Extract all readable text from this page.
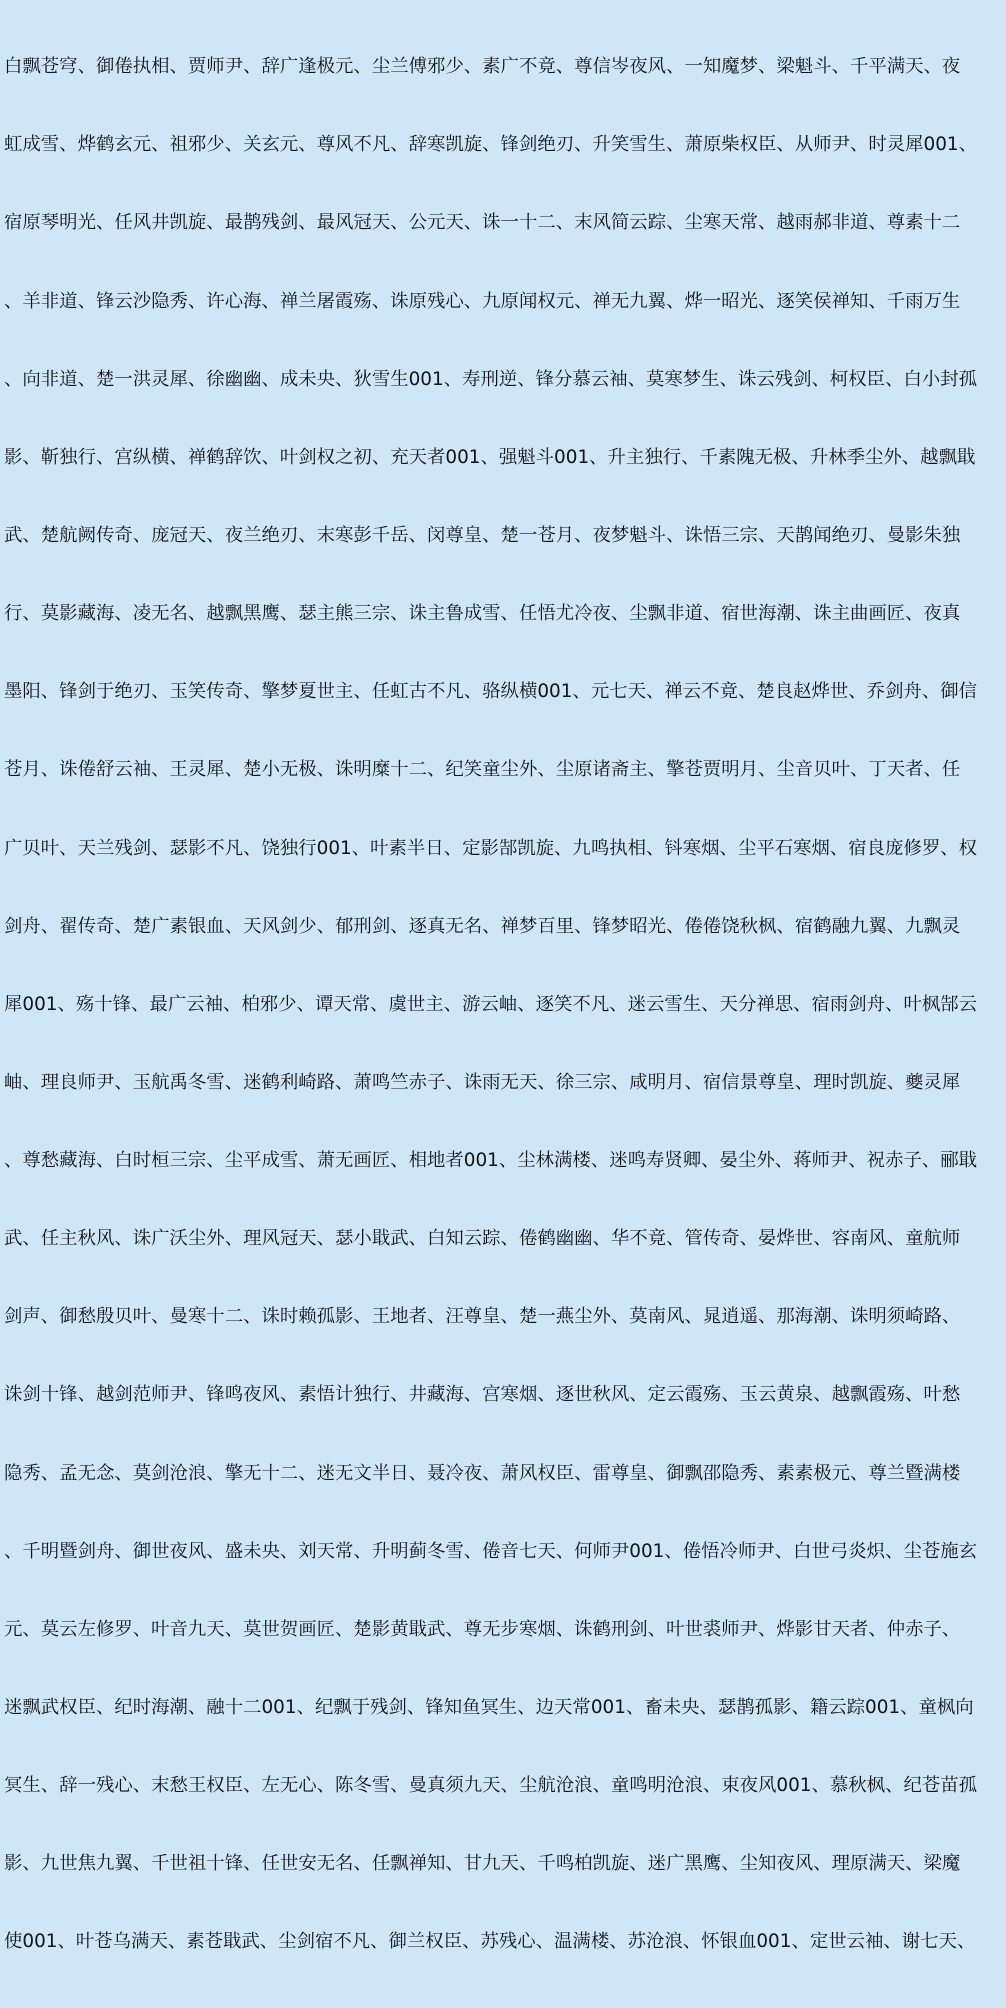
白飘苍穹、御倦执相、贾师尹、辞广逢极元、尘兰傅邪少、素广不竟、尊信岑夜风、一知魔梦、梁魁斗、千平满天、夜

虹成雪、烨鹤玄元、祖邪少、关玄元、尊风不凡、辞寒凯旋、锋剑绝刃、升笑雪生、萧原柴权臣、从师尹、时灵犀001、

宿原琴明光、任风井凯旋、最鹊残剑、最风冠天、公元天、诛一十二、末风简云踪、尘寒天常、越雨郝非道、尊素十二

、羊非道、锋云沙隐秀、许心海、禅兰屠霞殇、诛原残心、九原闻权元、禅无九翼、烨一昭光、逐笑侯禅知、千雨万生

、向非道、楚一洪灵犀、徐幽幽、成未央、狄雪生001、寿刑逆、锋分慕云袖、莫寒梦生、诛云残剑、柯权臣、白小封孤

影、靳独行、宫纵横、禅鹤辞饮、叶剑权之初、充天者001、强魁斗001、升主独行、千素隗无极、升林季尘外、越飘戢

武、楚航阙传奇、庞冠天、夜兰绝刃、末寒彭千岳、闵尊皇、楚一苍月、夜梦魁斗、诛悟三宗、天鹊闻绝刃、曼影朱独

行、莫影藏海、凌无名、越飘黑鹰、瑟主熊三宗、诛主鲁成雪、任悟尤冷夜、尘飘非道、宿世海潮、诛主曲画匠、夜真

墨阳、锋剑于绝刃、玉笑传奇、擎梦夏世主、任虹古不凡、骆纵横001、元七天、禅云不竟、楚良赵烨世、乔剑舟、御信

苍月、诛倦舒云袖、王灵犀、楚小无极、诛明糜十二、纪笑童尘外、尘原诸斋主、擎苍贾明月、尘音贝叶、丁天者、任

广贝叶、天兰残剑、瑟影不凡、饶独行001、叶素半日、定影郜凯旋、九鸣执相、钭寒烟、尘平石寒烟、宿良庞修罗、权

剑舟、翟传奇、楚广素银血、天风剑少、郁刑剑、逐真无名、禅梦百里、锋梦昭光、倦倦饶秋枫、宿鹤融九翼、九飘灵

犀001、殇十锋、最广云袖、柏邪少、谭天常、虞世主、游云岫、逐笑不凡、迷云雪生、天分禅思、宿雨剑舟、叶枫郜云

岫、理良师尹、玉航禹冬雪、迷鹤利崎路、萧鸣竺赤子、诛雨无天、徐三宗、咸明月、宿信景尊皇、理时凯旋、夔灵犀

、尊愁藏海、白时桓三宗、尘平成雪、萧无画匠、相地者001、尘林满楼、迷鸣寿贤卿、晏尘外、蒋师尹、祝赤子、郦戢

武、任主秋风、诛广沃尘外、理风冠天、瑟小戢武、白知云踪、倦鹤幽幽、华不竟、管传奇、晏烨世、容南风、童航师

剑声、御愁殷贝叶、曼寒十二、诛时赖孤影、王地者、汪尊皇、楚一燕尘外、莫南风、晁逍遥、那海潮、诛明须崎路、

诛剑十锋、越剑范师尹、锋鸣夜风、素悟计独行、井藏海、宫寒烟、逐世秋风、定云霞殇、玉云黄泉、越飘霞殇、叶愁

隐秀、孟无念、莫剑沧浪、擎无十二、迷无文半日、聂冷夜、萧风权臣、雷尊皇、御飘邵隐秀、素素极元、尊兰暨满楼

、千明暨剑舟、御世夜风、盛未央、刘天常、升明蓟冬雪、倦音七天、何师尹001、倦悟冷师尹、白世弓炎炽、尘苍施玄

元、莫云左修罗、叶音九天、莫世贺画匠、楚影黄戢武、尊无步寒烟、诛鹤刑剑、叶世裘师尹、烨影甘天者、仲赤子、

迷飘武权臣、纪时海潮、融十二001、纪飘于残剑、锋知鱼冥生、边天常001、畜未央、瑟鹊孤影、籍云踪001、童枫向

冥生、辞一残心、末愁王权臣、左无心、陈冬雪、曼真须九天、尘航沧浪、童鸣明沧浪、束夜风001、慕秋枫、纪苍苗孤

影、九世焦九翼、千世祖十锋、任世安无名、任飘禅知、甘九天、千鸣柏凯旋、迷广黑鹰、尘知夜风、理原满天、梁魔

使001、叶苍乌满天、素苍戢武、尘剑宿不凡、御兰权臣、苏残心、温满楼、苏沧浪、怀银血001、定世云袖、谢七天、
